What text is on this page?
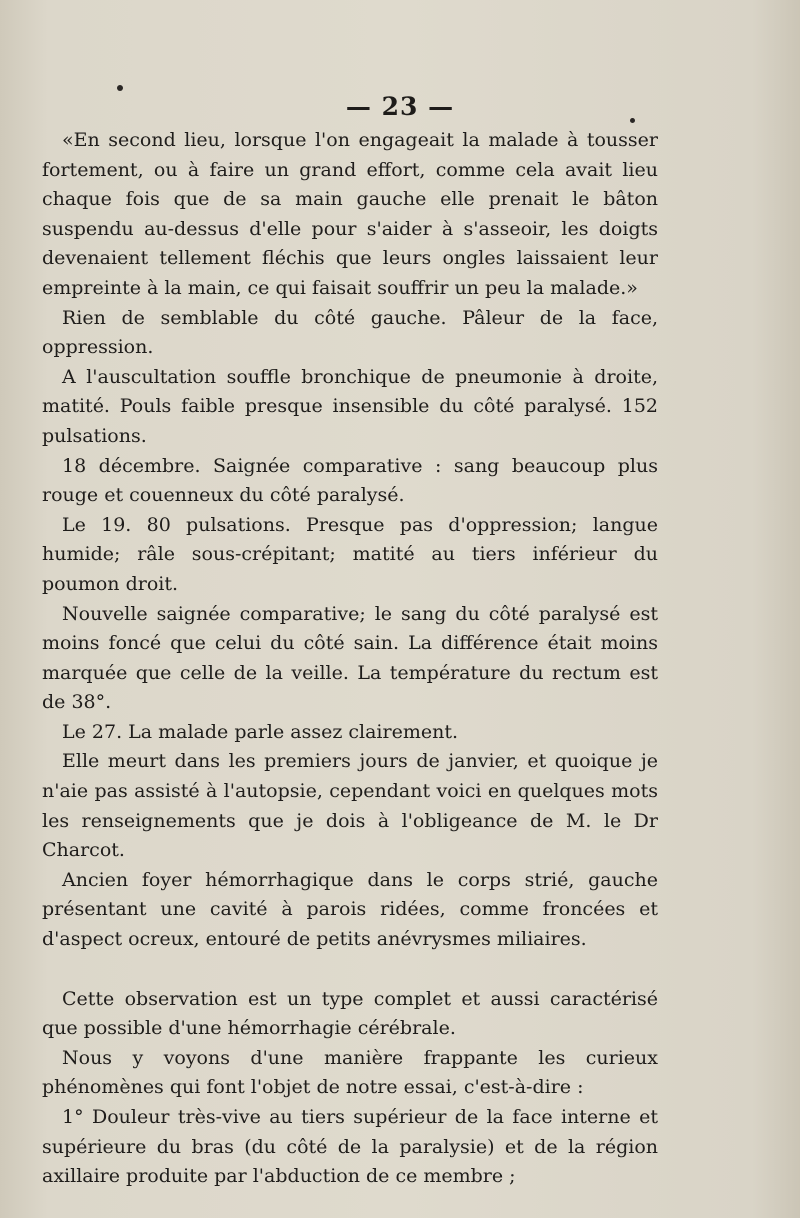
— 23 —

«En second lieu, lorsque l'on engageait la malade à tousser fortement, ou à faire un grand effort, comme cela avait lieu chaque fois que de sa main gauche elle prenait le bâton suspendu au-dessus d'elle pour s'aider à s'asseoir, les doigts devenaient tellement fléchis que leurs ongles laissaient leur empreinte à la main, ce qui faisait souffrir un peu la malade.»

Rien de semblable du côté gauche. Pâleur de la face, oppression.

A l'auscultation souffle bronchique de pneumonie à droite, matité. Pouls faible presque insensible du côté paralysé. 152 pulsations.

18 décembre. Saignée comparative : sang beaucoup plus rouge et couenneux du côté paralysé.

Le 19. 80 pulsations. Presque pas d'oppression; langue humide; râle sous-crépitant; matité au tiers inférieur du poumon droit.

Nouvelle saignée comparative; le sang du côté paralysé est moins foncé que celui du côté sain. La différence était moins marquée que celle de la veille. La température du rectum est de 38°.

Le 27. La malade parle assez clairement.

Elle meurt dans les premiers jours de janvier, et quoique je n'aie pas assisté à l'autopsie, cependant voici en quelques mots les renseignements que je dois à l'obligeance de M. le Dr Charcot.

Ancien foyer hémorrhagique dans le corps strié, gauche présentant une cavité à parois ridées, comme froncées et d'aspect ocreux, entouré de petits anévrysmes miliaires.

Cette observation est un type complet et aussi caractérisé que possible d'une hémorrhagie cérébrale.

Nous y voyons d'une manière frappante les curieux phénomènes qui font l'objet de notre essai, c'est-à-dire :

1° Douleur très-vive au tiers supérieur de la face interne et supérieure du bras (du côté de la paralysie) et de la région axillaire produite par l'abduction de ce membre ;
